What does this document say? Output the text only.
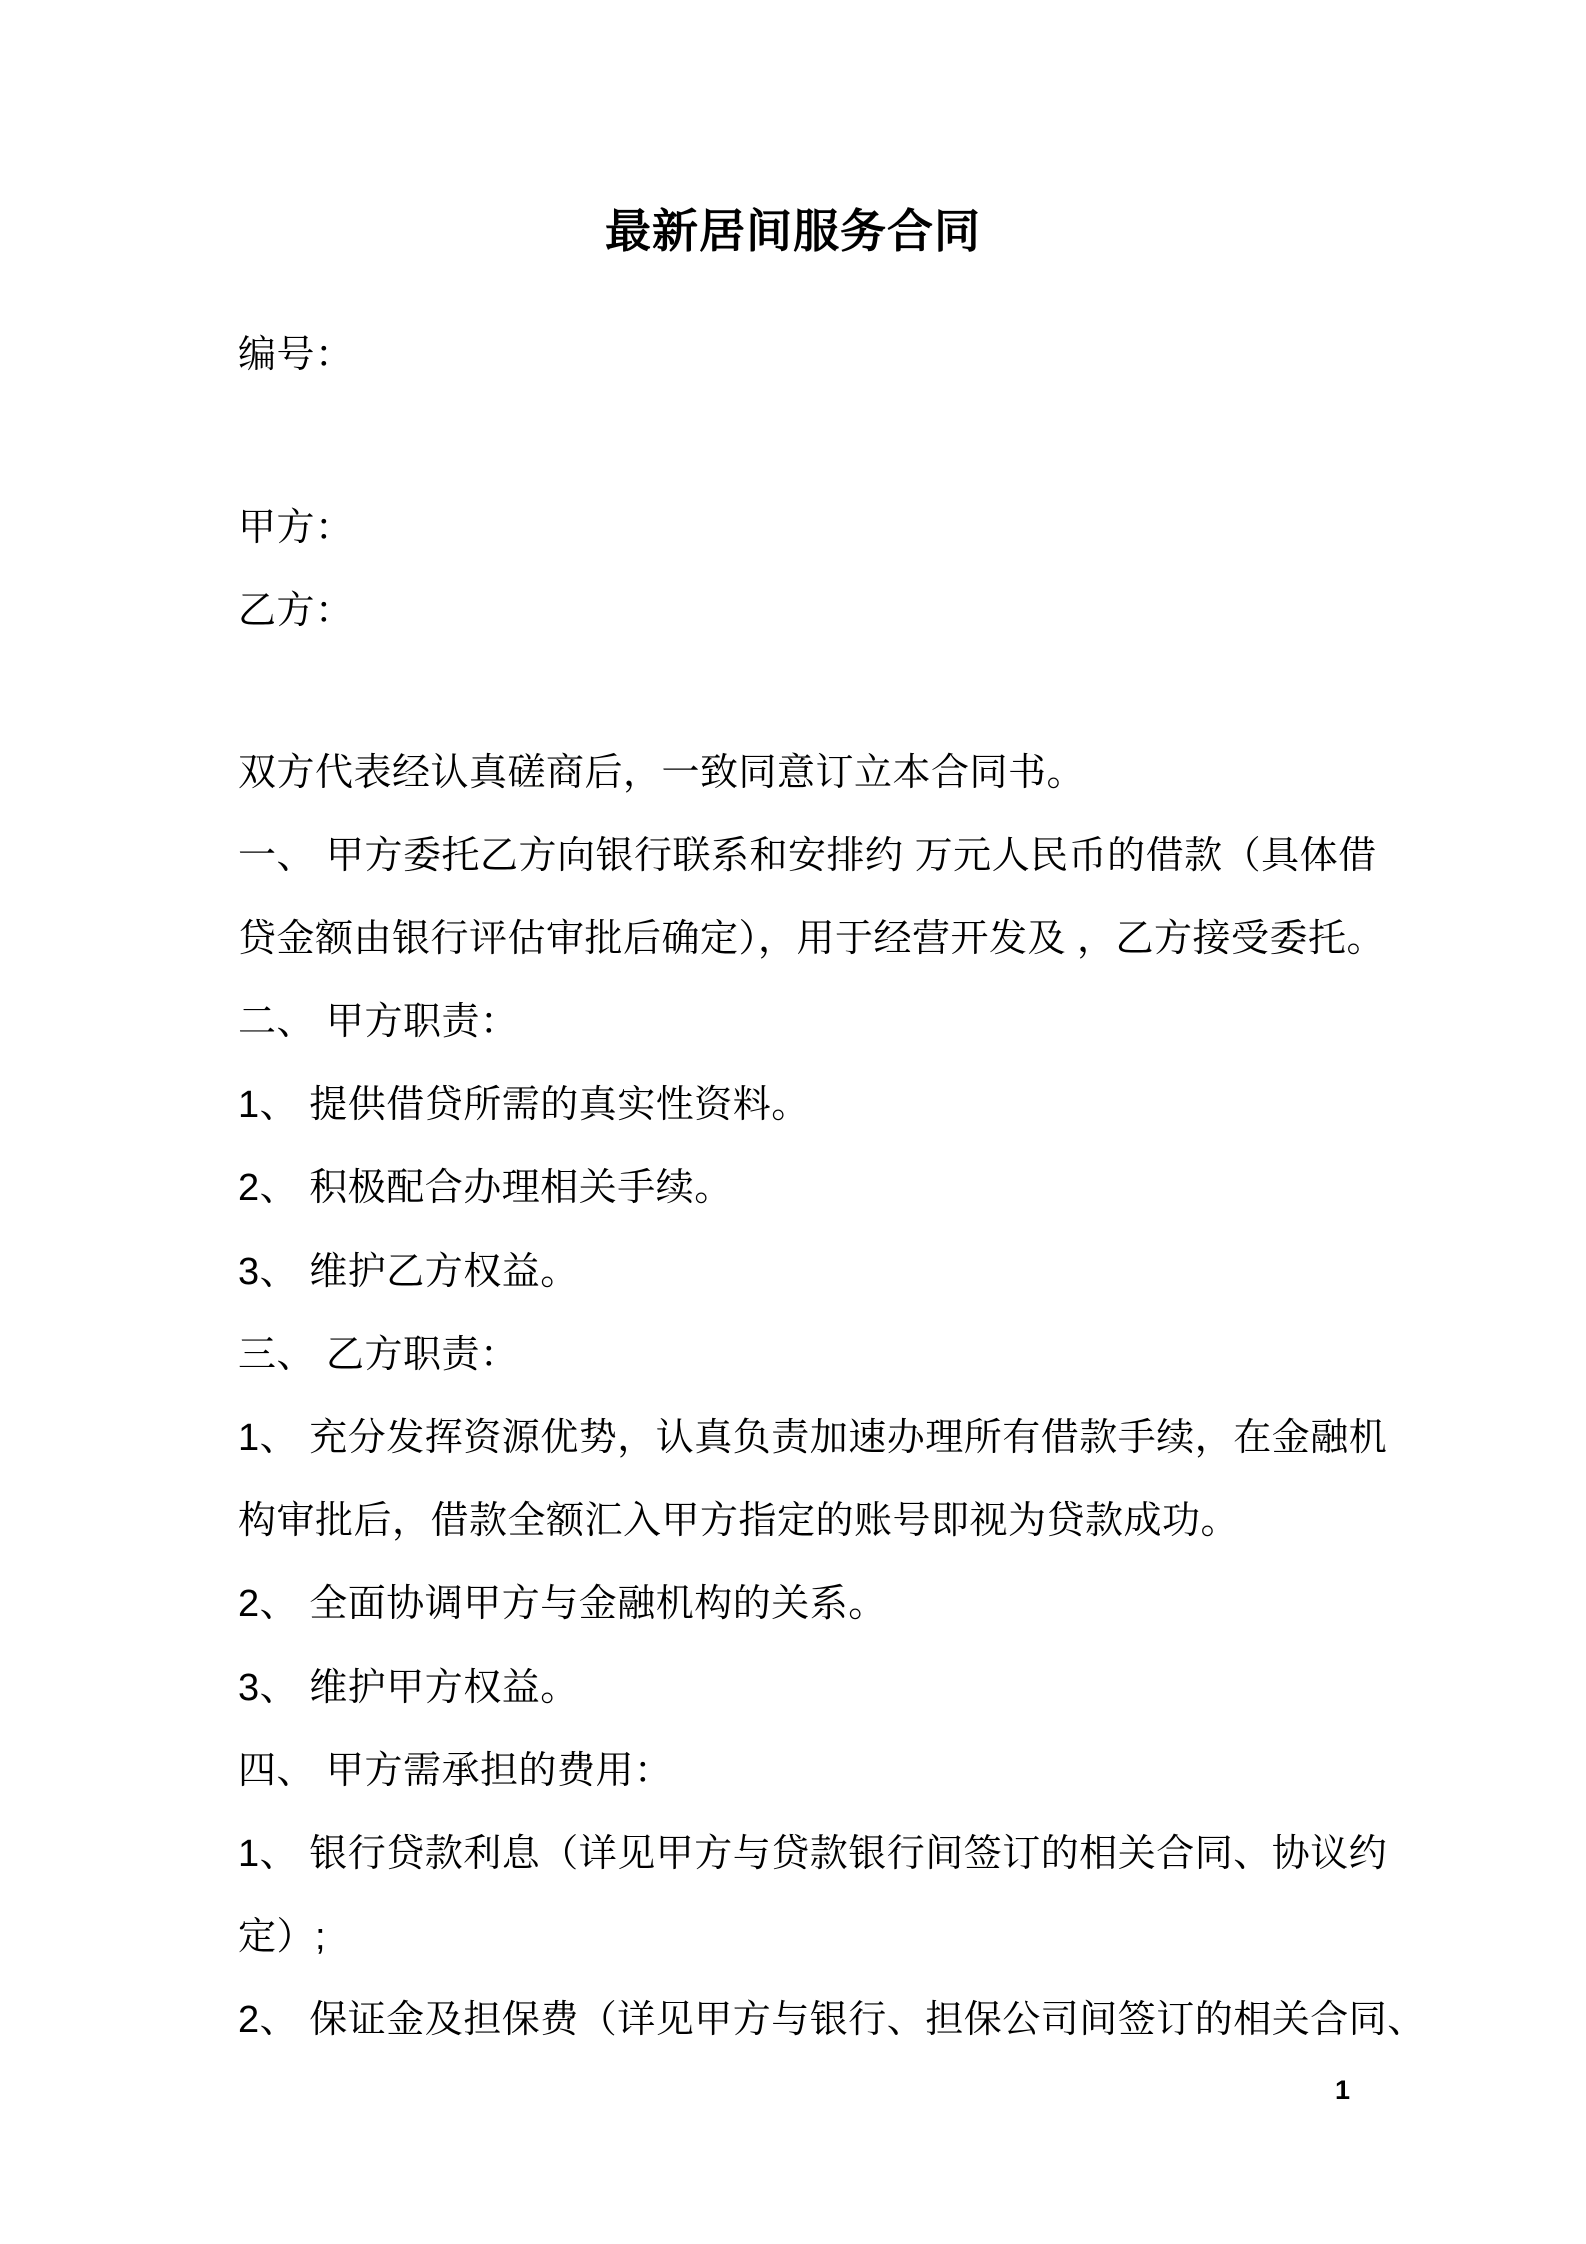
最新居间服务合同

编号：

甲方：

乙方：

双方代表经认真磋商后，一致同意订立本合同书。

一、 甲方委托乙方向银行联系和安排约 万元人民币的借款（具体借

贷金额由银行评估审批后确定），用于经营开发及 ，乙方接受委托。

二、 甲方职责：

1、 提供借贷所需的真实性资料。

2、 积极配合办理相关手续。

3、 维护乙方权益。

三、 乙方职责：

1、 充分发挥资源优势，认真负责加速办理所有借款手续，在金融机

构审批后，借款全额汇入甲方指定的账号即视为贷款成功。

2、 全面协调甲方与金融机构的关系。

3、 维护甲方权益。

四、 甲方需承担的费用：

1、 银行贷款利息（详见甲方与贷款银行间签订的相关合同、协议约

定）;

2、 保证金及担保费（详见甲方与银行、担保公司间签订的相关合同、

1
